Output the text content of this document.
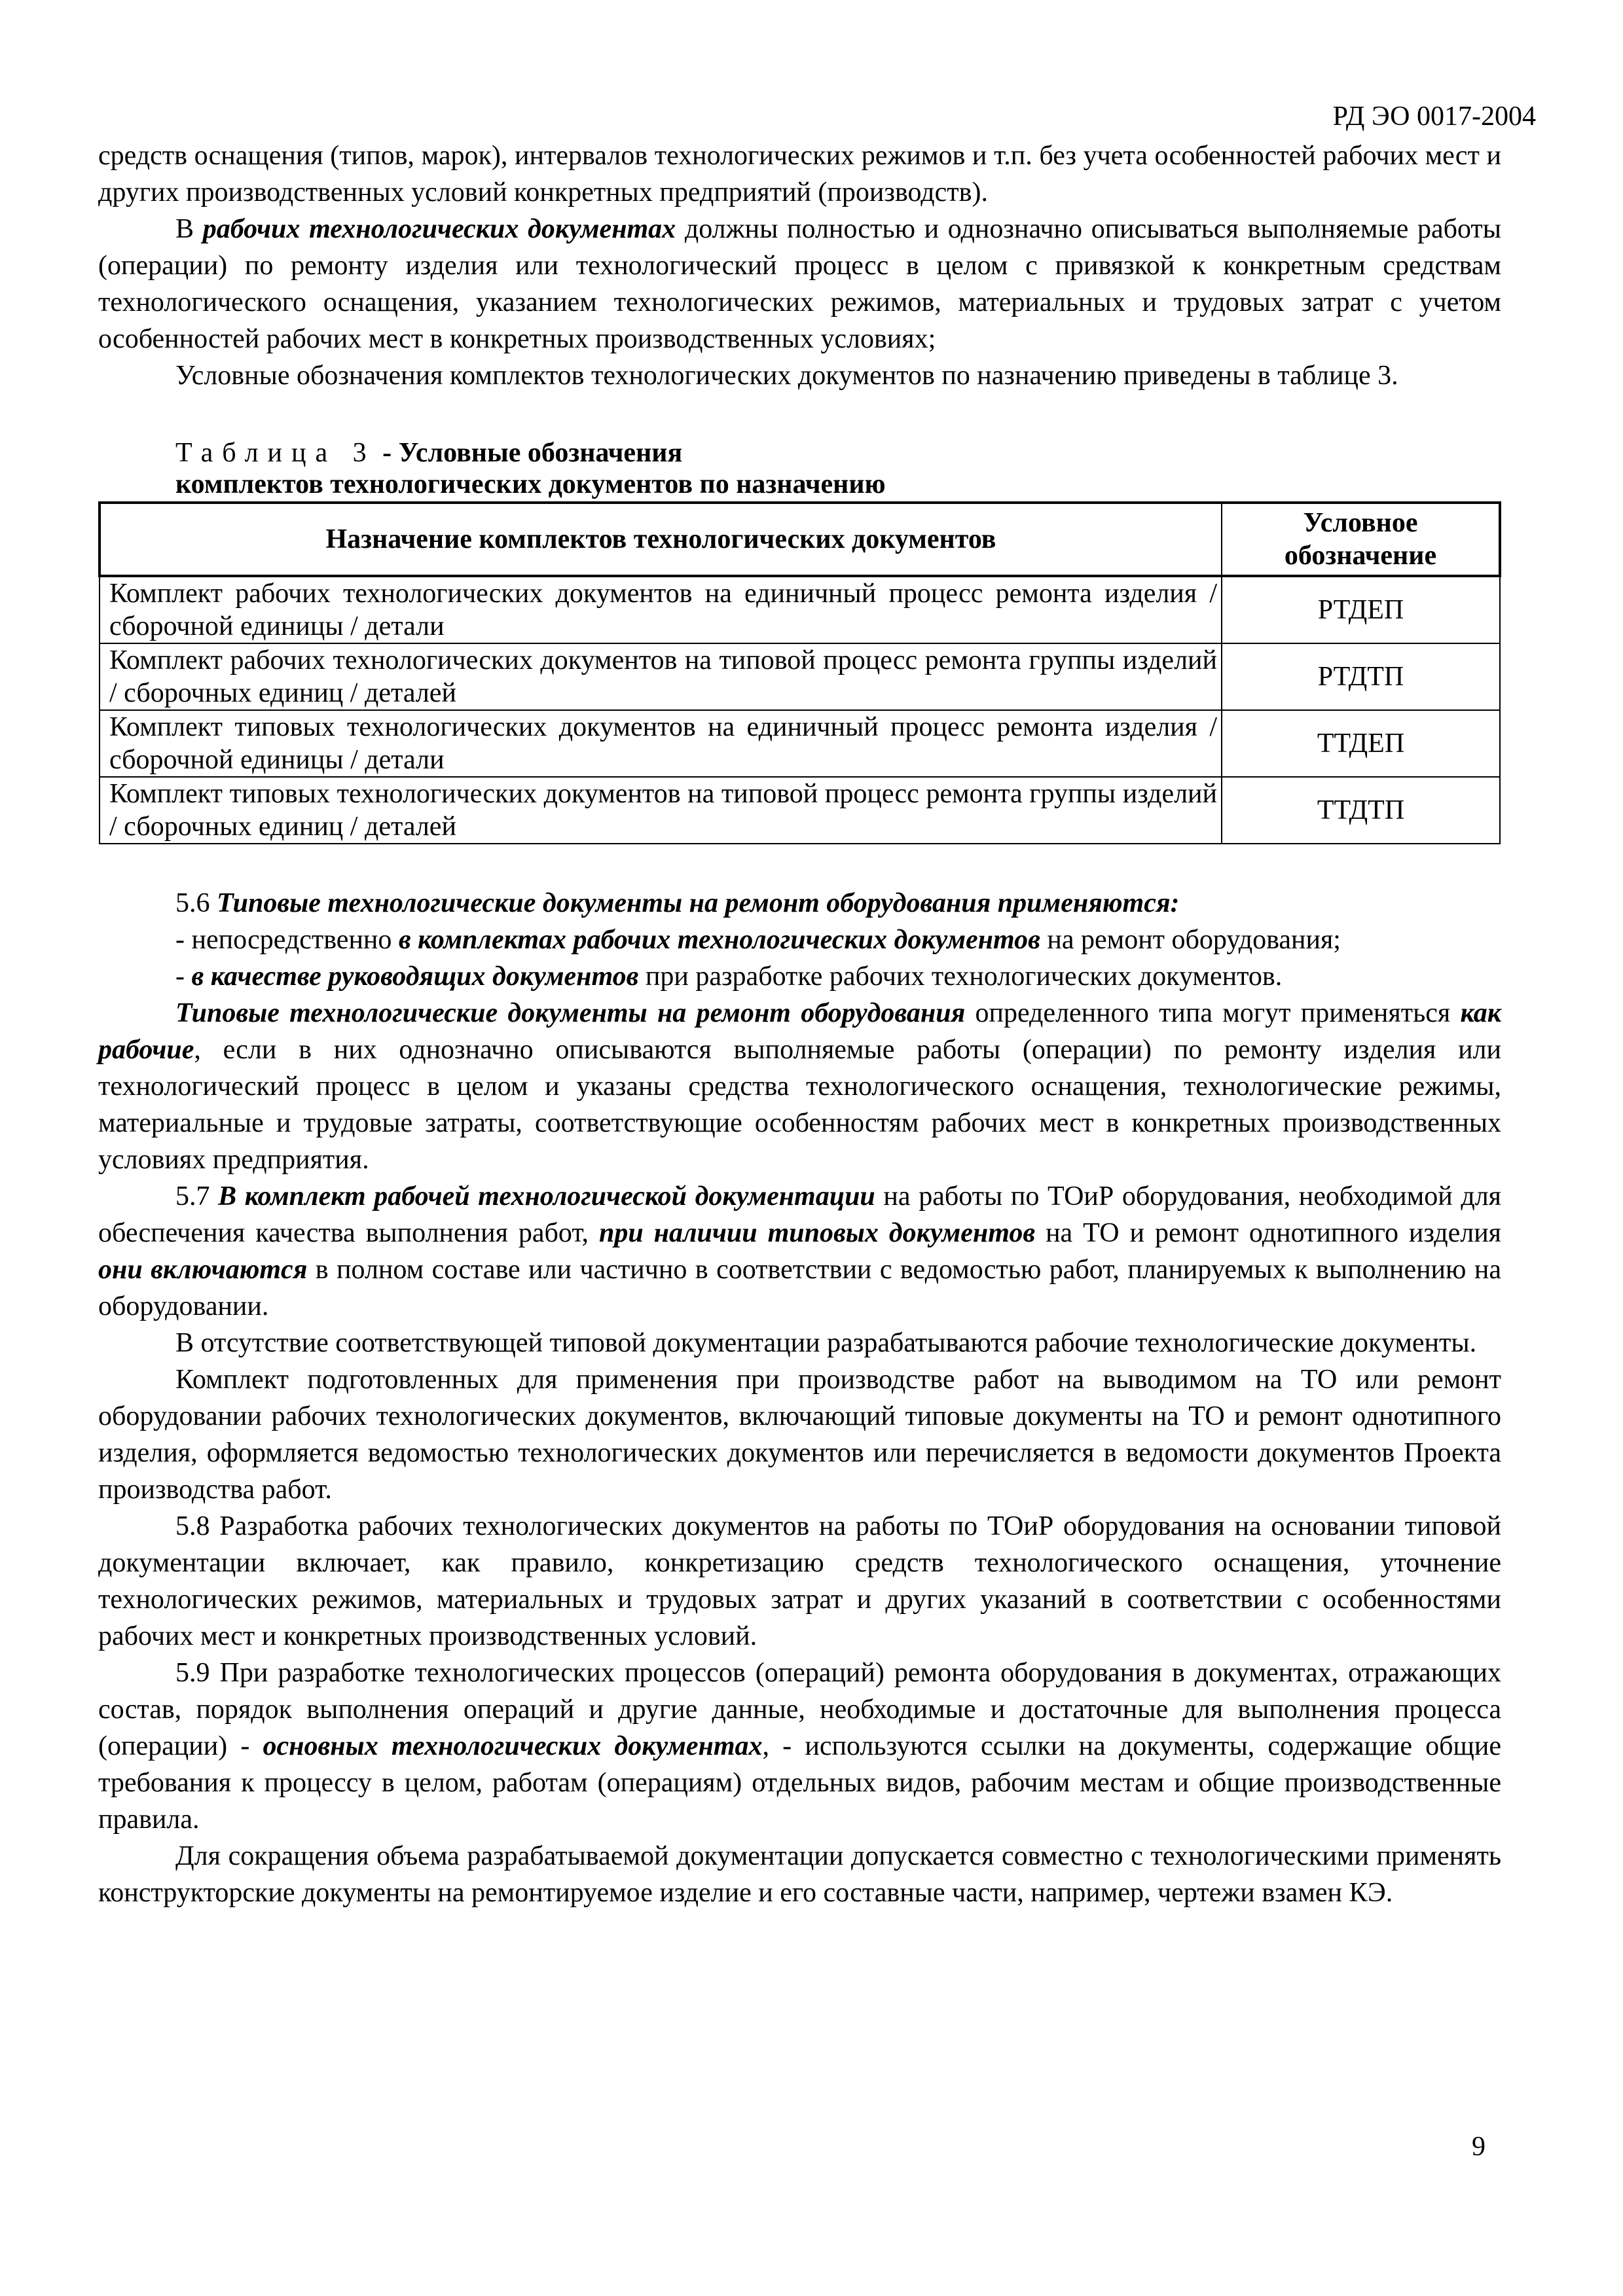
РД ЭО 0017-2004

средств оснащения (типов, марок), интервалов технологических режимов и т.п. без учета особенностей рабочих мест и других производственных условий конкретных предприятий (производств).

В рабочих технологических документах должны полностью и однозначно описываться выполняемые работы (операции) по ремонту изделия или технологический процесс в целом с привязкой к конкретным средствам технологического оснащения, указанием технологических режимов, материальных и трудовых затрат с учетом особенностей рабочих мест в конкретных производственных условиях;

Условные обозначения комплектов технологических документов по назначению приведены в таблице 3.

Таблица 3 - Условные обозначения
комплектов технологических документов по назначению
Назначение комплектов технологических документов	Условное обозначение
Комплект рабочих технологических документов на единичный процесс ремонта изделия / сборочной единицы / детали	РТДЕП
Комплект рабочих технологических документов на типовой процесс ремонта группы изделий / сборочных единиц / деталей	РТДТП
Комплект типовых технологических документов на единичный процесс ремонта изделия / сборочной единицы / детали	ТТДЕП
Комплект типовых технологических документов на типовой процесс ремонта группы изделий / сборочных единиц / деталей	ТТДТП

5.6 Типовые технологические документы на ремонт оборудования применяются:

- непосредственно в комплектах рабочих технологических документов на ремонт оборудования;

- в качестве руководящих документов при разработке рабочих технологических документов.

Типовые технологические документы на ремонт оборудования определенного типа могут применяться как рабочие, если в них однозначно описываются выполняемые работы (операции) по ремонту изделия или технологический процесс в целом и указаны средства технологического оснащения, технологические режимы, материальные и трудовые затраты, соответствующие особенностям рабочих мест в конкретных производственных условиях предприятия.

5.7 В комплект рабочей технологической документации на работы по ТОиР оборудования, необходимой для обеспечения качества выполнения работ, при наличии типовых документов на ТО и ремонт однотипного изделия они включаются в полном составе или частично в соответствии с ведомостью работ, планируемых к выполнению на оборудовании.

В отсутствие соответствующей типовой документации разрабатываются рабочие технологические документы.

Комплект подготовленных для применения при производстве работ на выводимом на ТО или ремонт оборудовании рабочих технологических документов, включающий типовые документы на ТО и ремонт однотипного изделия, оформляется ведомостью технологических документов или перечисляется в ведомости документов Проекта производства работ.

5.8 Разработка рабочих технологических документов на работы по ТОиР оборудования на основании типовой документации включает, как правило, конкретизацию средств технологического оснащения, уточнение технологических режимов, материальных и трудовых затрат и других указаний в соответствии с особенностями рабочих мест и конкретных производственных условий.

5.9 При разработке технологических процессов (операций) ремонта оборудования в документах, отражающих состав, порядок выполнения операций и другие данные, необходимые и достаточные для выполнения процесса (операции) - основных технологических документах, - используются ссылки на документы, содержащие общие требования к процессу в целом, работам (операциям) отдельных видов, рабочим местам и общие производственные правила.

Для сокращения объема разрабатываемой документации допускается совместно с технологическими применять конструкторские документы на ремонтируемое изделие и его составные части, например, чертежи взамен КЭ.

9
